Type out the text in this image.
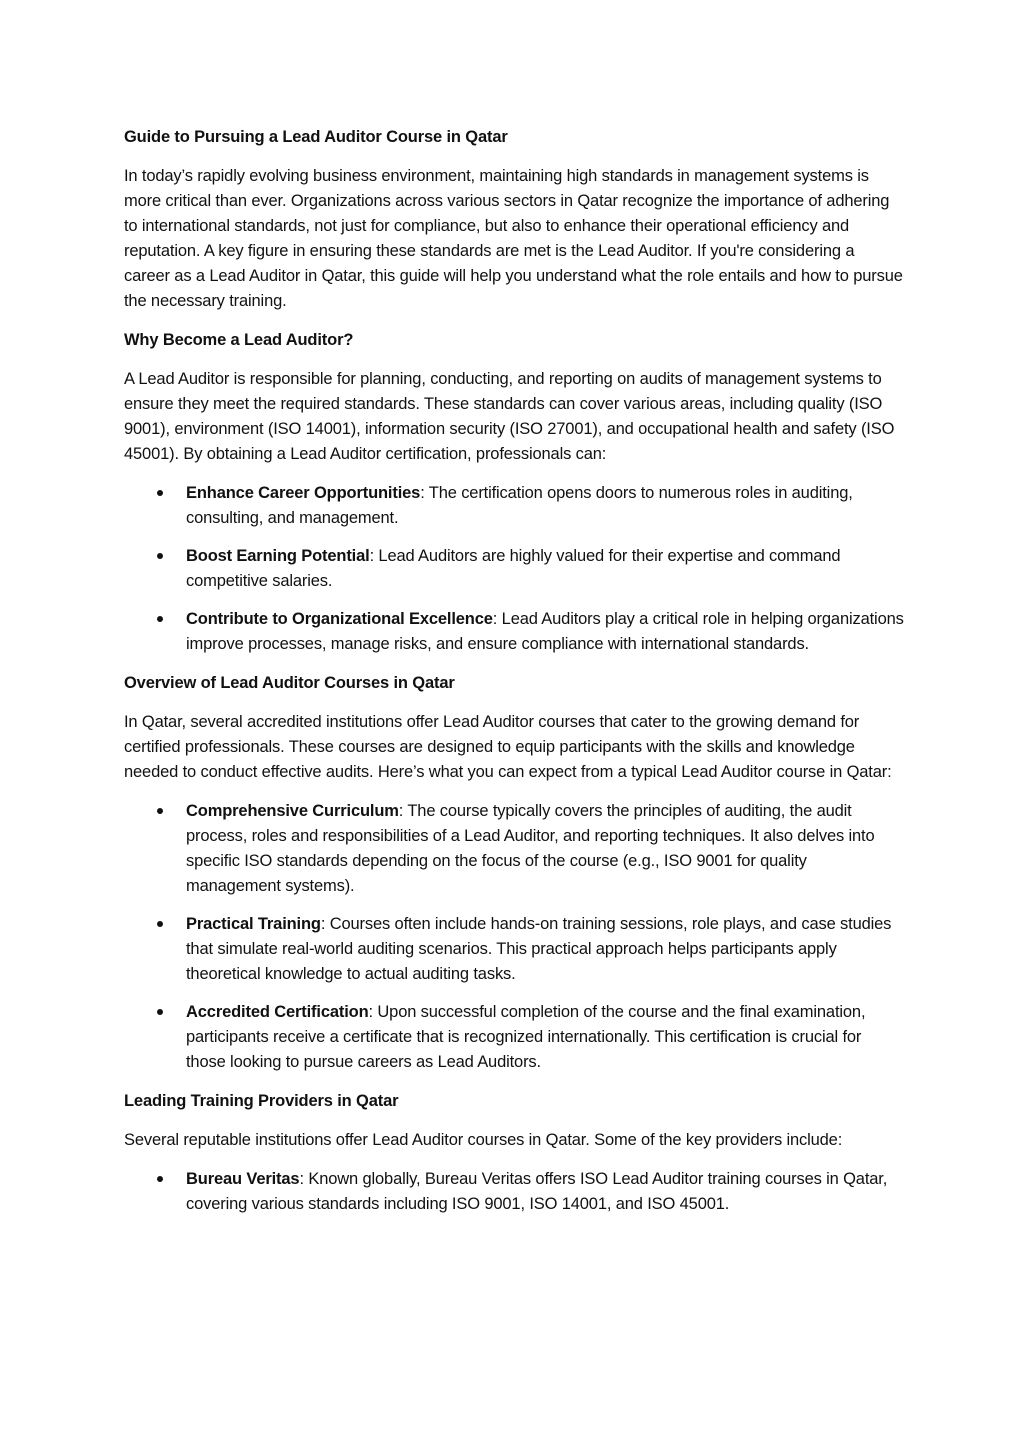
Guide to Pursuing a Lead Auditor Course in Qatar

In today’s rapidly evolving business environment, maintaining high standards in management systems is more critical than ever. Organizations across various sectors in Qatar recognize the importance of adhering to international standards, not just for compliance, but also to enhance their operational efficiency and reputation. A key figure in ensuring these standards are met is the Lead Auditor. If you're considering a career as a Lead Auditor in Qatar, this guide will help you understand what the role entails and how to pursue the necessary training.

Why Become a Lead Auditor?

A Lead Auditor is responsible for planning, conducting, and reporting on audits of management systems to ensure they meet the required standards. These standards can cover various areas, including quality (ISO 9001), environment (ISO 14001), information security (ISO 27001), and occupational health and safety (ISO 45001). By obtaining a Lead Auditor certification, professionals can:

Enhance Career Opportunities: The certification opens doors to numerous roles in auditing, consulting, and management.
Boost Earning Potential: Lead Auditors are highly valued for their expertise and command competitive salaries.
Contribute to Organizational Excellence: Lead Auditors play a critical role in helping organizations improve processes, manage risks, and ensure compliance with international standards.

Overview of Lead Auditor Courses in Qatar

In Qatar, several accredited institutions offer Lead Auditor courses that cater to the growing demand for certified professionals. These courses are designed to equip participants with the skills and knowledge needed to conduct effective audits. Here’s what you can expect from a typical Lead Auditor course in Qatar:

Comprehensive Curriculum: The course typically covers the principles of auditing, the audit process, roles and responsibilities of a Lead Auditor, and reporting techniques. It also delves into specific ISO standards depending on the focus of the course (e.g., ISO 9001 for quality management systems).
Practical Training: Courses often include hands-on training sessions, role plays, and case studies that simulate real-world auditing scenarios. This practical approach helps participants apply theoretical knowledge to actual auditing tasks.
Accredited Certification: Upon successful completion of the course and the final examination, participants receive a certificate that is recognized internationally. This certification is crucial for those looking to pursue careers as Lead Auditors.

Leading Training Providers in Qatar

Several reputable institutions offer Lead Auditor courses in Qatar. Some of the key providers include:

Bureau Veritas: Known globally, Bureau Veritas offers ISO Lead Auditor training courses in Qatar, covering various standards including ISO 9001, ISO 14001, and ISO 45001.
